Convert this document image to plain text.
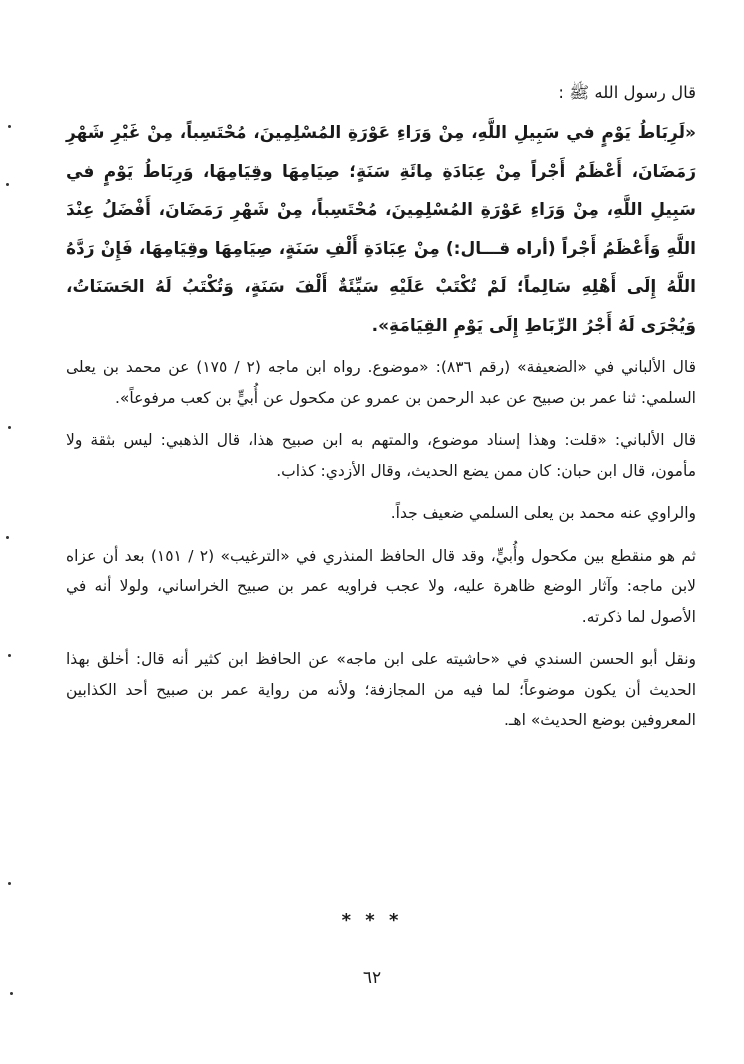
قال رسول الله ﷺ :

«لَرِبَاطُ يَوْمٍ في سَبِيلِ اللَّهِ، مِنْ وَرَاءِ عَوْرَةِ المُسْلِمِينَ، مُحْتَسِباً، مِنْ غَيْرِ شَهْرِ رَمَضَانَ، أَعْظَمُ أَجْراً مِنْ عِبَادَةِ مِائَةِ سَنَةٍ؛ صِيَامِهَا وقِيَامِهَا، وَرِبَاطُ يَوْمٍ في سَبِيلِ اللَّهِ، مِنْ وَرَاءِ عَوْرَةِ المُسْلِمِينَ، مُحْتَسِباً، مِنْ شَهْرِ رَمَضَانَ، أَفْضَلُ عِنْدَ اللَّهِ وَأَعْظَمُ أَجْراً (أراه قـــال:) مِنْ عِبَادَةِ أَلْفِ سَنَةٍ، صِيَامِهَا وقِيَامِهَا، فَإِنْ رَدَّهُ اللَّهُ إِلَى أَهْلِهِ سَالِماً؛ لَمْ تُكْتَبْ عَلَيْهِ سَيِّئَةٌ أَلْفَ سَنَةٍ، وَتُكْتَبُ لَهُ الحَسَنَاتُ، وَيُجْرَى لَهُ أَجْرُ الرِّبَاطِ إِلَى يَوْمِ القِيَامَةِ».

قال الألباني في «الضعيفة» (رقم ٨٣٦): «موضوع. رواه ابن ماجه (٢ / ١٧٥) عن محمد بن يعلى السلمي: ثنا عمر بن صبيح عن عبد الرحمن بن عمرو عن مكحول عن أُبيٍّ بن كعب مرفوعاً».

قال الألباني: «قلت: وهذا إسناد موضوع، والمتهم به ابن صبيح هذا، قال الذهبي: ليس بثقة ولا مأمون، قال ابن حبان: كان ممن يضع الحديث، وقال الأزدي: كذاب.

والراوي عنه محمد بن يعلى السلمي ضعيف جداً.

ثم هو منقطع بين مكحول وأُبيٍّ، وقد قال الحافظ المنذري في «الترغيب» (٢ / ١٥١) بعد أن عزاه لابن ماجه: وآثار الوضع ظاهرة عليه، ولا عجب فراويه عمر بن صبيح الخراساني، ولولا أنه في الأصول لما ذكرته.

ونقل أبو الحسن السندي في «حاشيته على ابن ماجه» عن الحافظ ابن كثير أنه قال: أخلق بهذا الحديث أن يكون موضوعاً؛ لما فيه من المجازفة؛ ولأنه من رواية عمر بن صبيح أحد الكذابين المعروفين بوضع الحديث» اهـ.

* * *
٦٢
